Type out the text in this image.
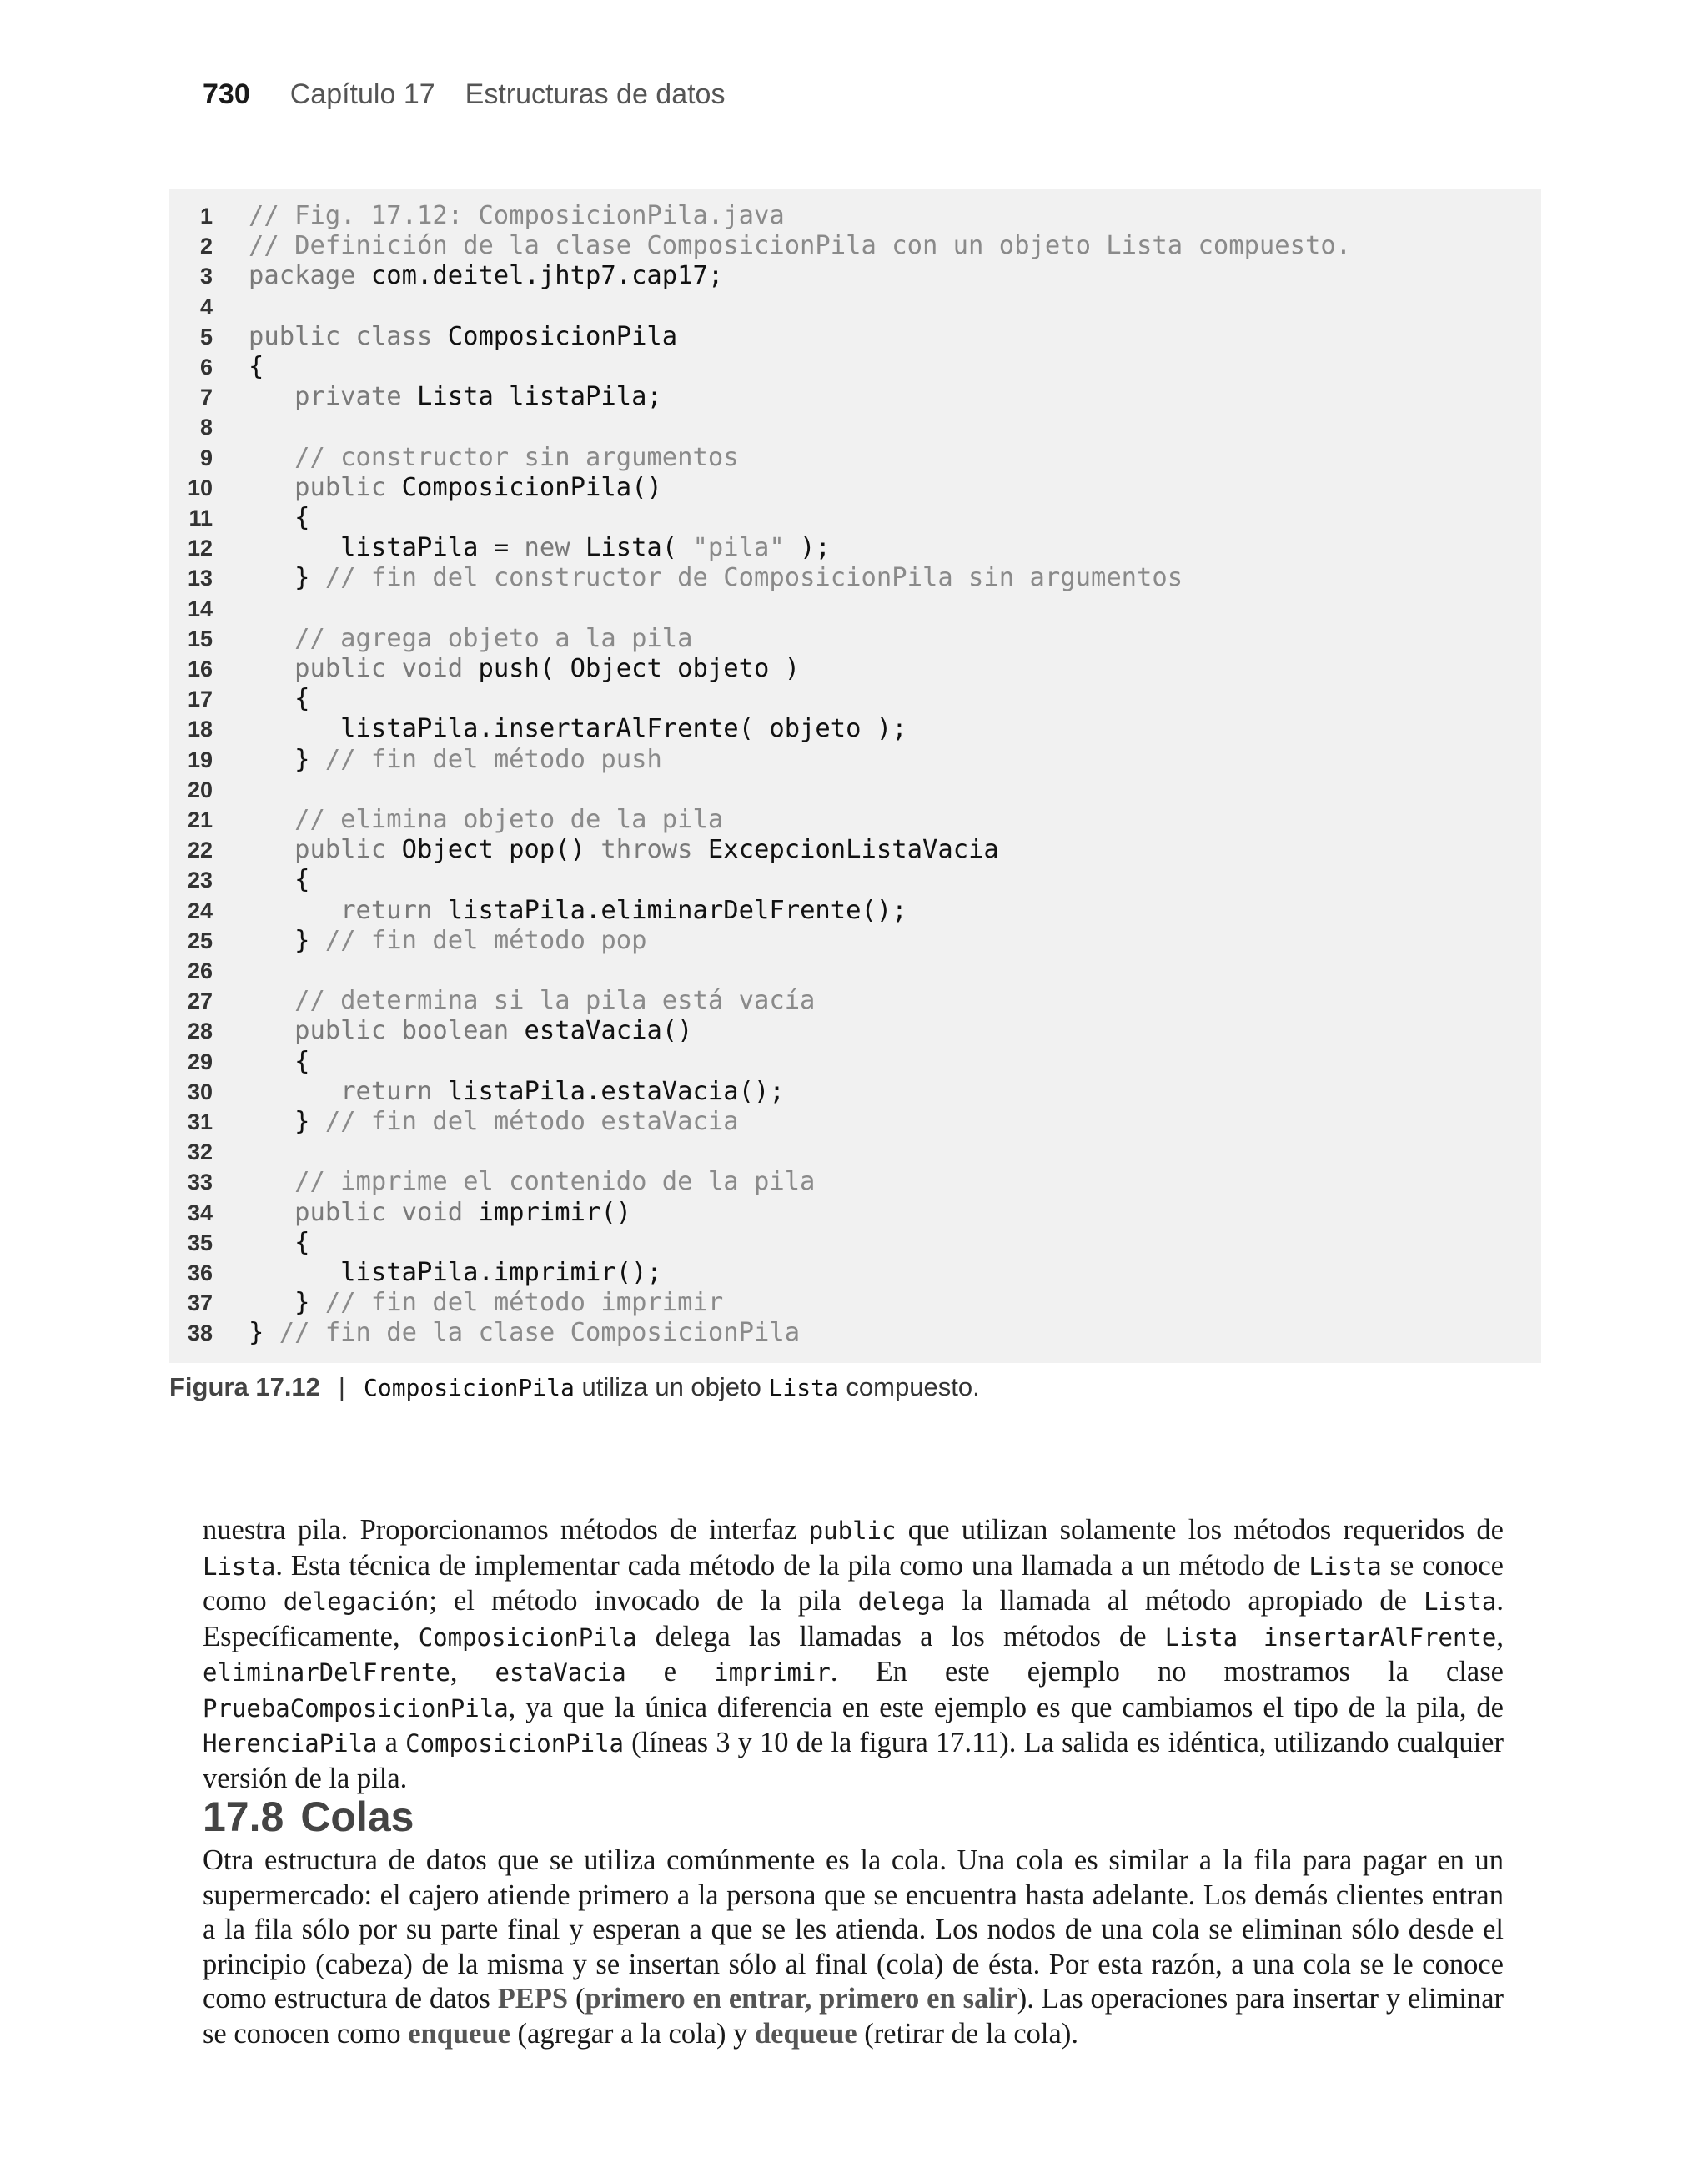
730 Capítulo 17 Estructuras de datos
1 // Fig. 17.12: ComposicionPila.java
2 // Definición de la clase ComposicionPila con un objeto Lista compuesto.
3 package com.deitel.jhtp7.cap17;
4
5 public class ComposicionPila
6 {
7	private Lista listaPila;
8
9 // constructor sin argumentos
10	public ComposicionPila()
11 {
12 listaPila = new Lista( "pila" );
13 } // fin del constructor de ComposicionPila sin argumentos
14
15 // agrega objeto a la pila
16	public void push( Object objeto )
17 {
18 listaPila.insertarAlFrente( objeto );
19 } // fin del método push
20
21 // elimina objeto de la pila
22	public Object pop() throws ExcepcionListaVacia
23 {
24	return listaPila.eliminarDelFrente();
25 } // fin del método pop
26
27 // determina si la pila está vacía
28	public boolean estaVacia()
29 {
30	return listaPila.estaVacia();
31 } // fin del método estaVacia
32
33 // imprime el contenido de la pila
34	public void imprimir()
35 {
36 listaPila.imprimir();
37 } // fin del método imprimir
38 } // fin de la clase ComposicionPila
Figura 17.12 | ComposicionPila utiliza un objeto Lista compuesto.

nuestra pila. Proporcionamos métodos de interfaz public que utilizan solamente los métodos requeridos de Lista. Esta técnica de implementar cada método de la pila como una llamada a un método de Lista se conoce como delegación; el método invocado de la pila delega la llamada al método apropiado de Lista. Específicamente, ComposicionPila delega las llamadas a los métodos de Lista insertarAlFrente, eliminarDelFrente, estaVacia e imprimir. En este ejemplo no mostramos la clase PruebaComposicionPila, ya que la única diferencia en este ejemplo es que cambiamos el tipo de la pila, de HerenciaPila a ComposicionPila (líneas 3 y 10 de la figura 17.11). La salida es idéntica, utilizando cualquier versión de la pila.

17.8 Colas

Otra estructura de datos que se utiliza comúnmente es la cola. Una cola es similar a la fila para pagar en un supermercado: el cajero atiende primero a la persona que se encuentra hasta adelante. Los demás clientes entran a la fila sólo por su parte final y esperan a que se les atienda. Los nodos de una cola se eliminan sólo desde el principio (cabeza) de la misma y se insertan sólo al final (cola) de ésta. Por esta razón, a una cola se le conoce como estructura de datos PEPS (primero en entrar, primero en salir). Las operaciones para insertar y eliminar se conocen como enqueue (agregar a la cola) y dequeue (retirar de la cola).
